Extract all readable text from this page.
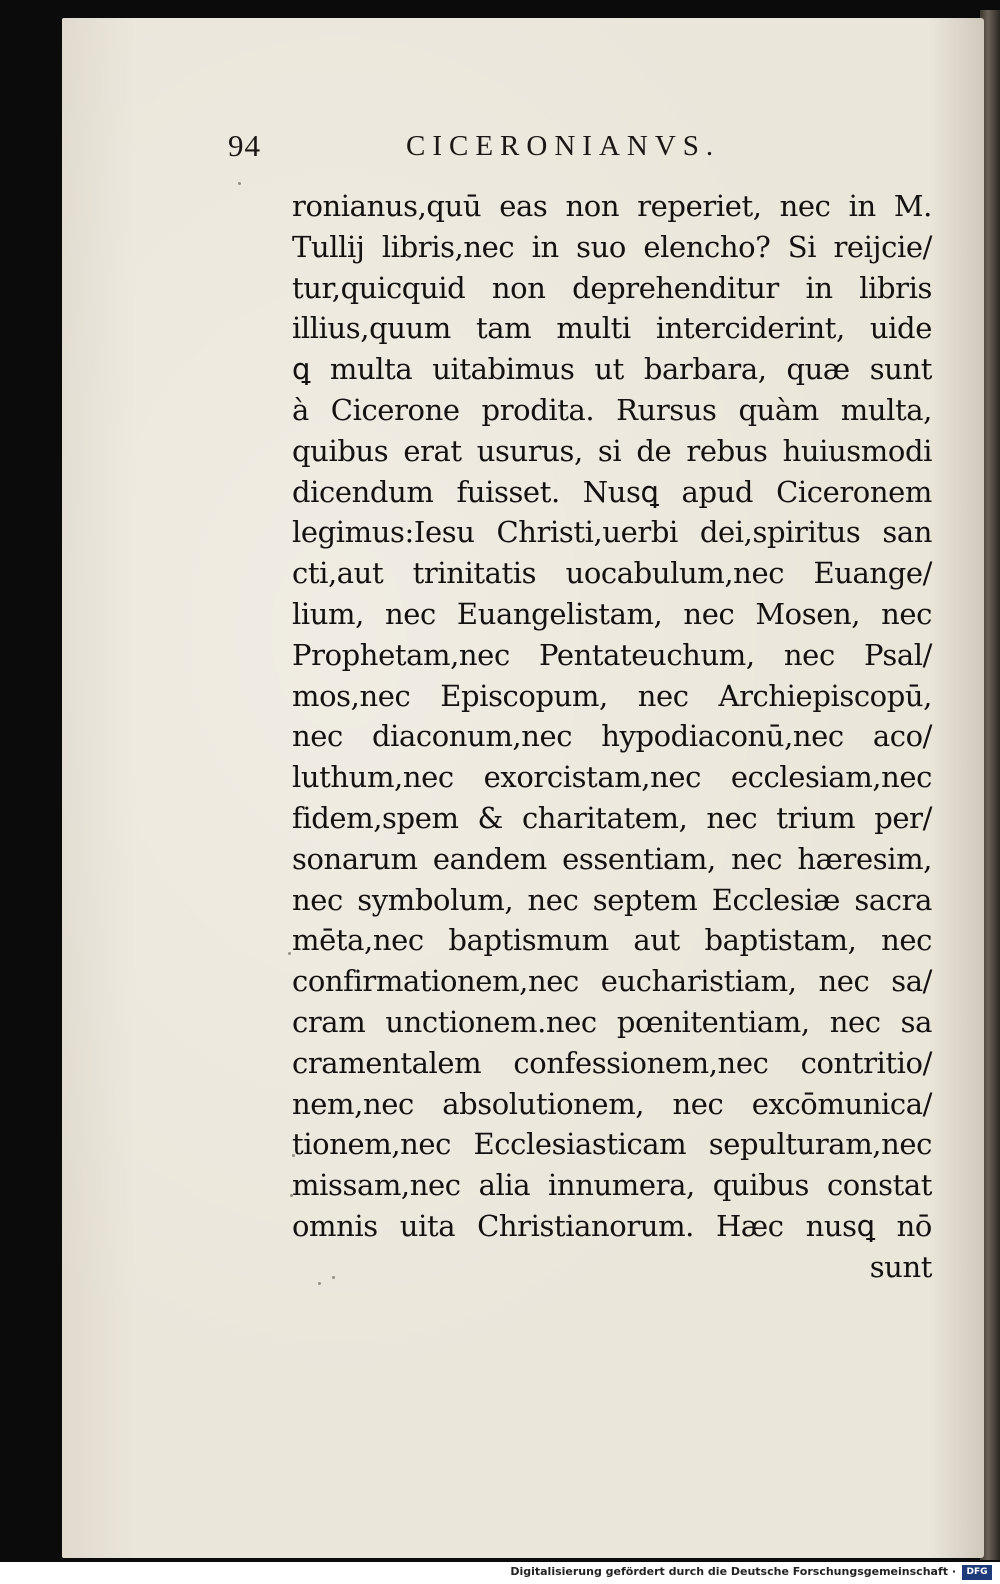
94	CICERONIANVS.
ronianus,quū eas non reperiet, nec in M.
Tullij libris,nec in suo elencho? Si reijcie/
tur,quicquid non deprehenditur in libris
illius,quum tam multi interciderint, uide
ꝗ multa uitabimus ut barbara, quæ sunt
à Cicerone prodita. Rursus quàm multa,
quibus erat usurus, si de rebus huiusmodi
dicendum fuisset. Nusꝗ apud Ciceronem
legimus:Iesu Christi,uerbi dei,spiritus san
cti,aut trinitatis uocabulum,nec Euange/
lium, nec Euangelistam, nec Mosen, nec
Prophetam,nec Pentateuchum, nec Psal/
mos,nec Episcopum, nec Archiepiscopū,
nec diaconum,nec hypodiaconū,nec aco/
luthum,nec exorcistam,nec ecclesiam,nec
fidem,spem & charitatem, nec trium per/
sonarum eandem essentiam, nec hæresim,
nec symbolum, nec septem Ecclesiæ sacra
mēta,nec baptismum aut baptistam, nec
confirmationem,nec eucharistiam, nec sa/
cram unctionem.nec pœnitentiam, nec sa
cramentalem confessionem,nec contritio/
nem,nec absolutionem, nec excōmunica/
tionem,nec Ecclesiasticam sepulturam,nec
missam,nec alia innumera, quibus constat
omnis uita Christianorum. Hæc nusꝗ nō
sunt
Digitalisierung gefördert durch die Deutsche Forschungsgemeinschaft ·	DFG
